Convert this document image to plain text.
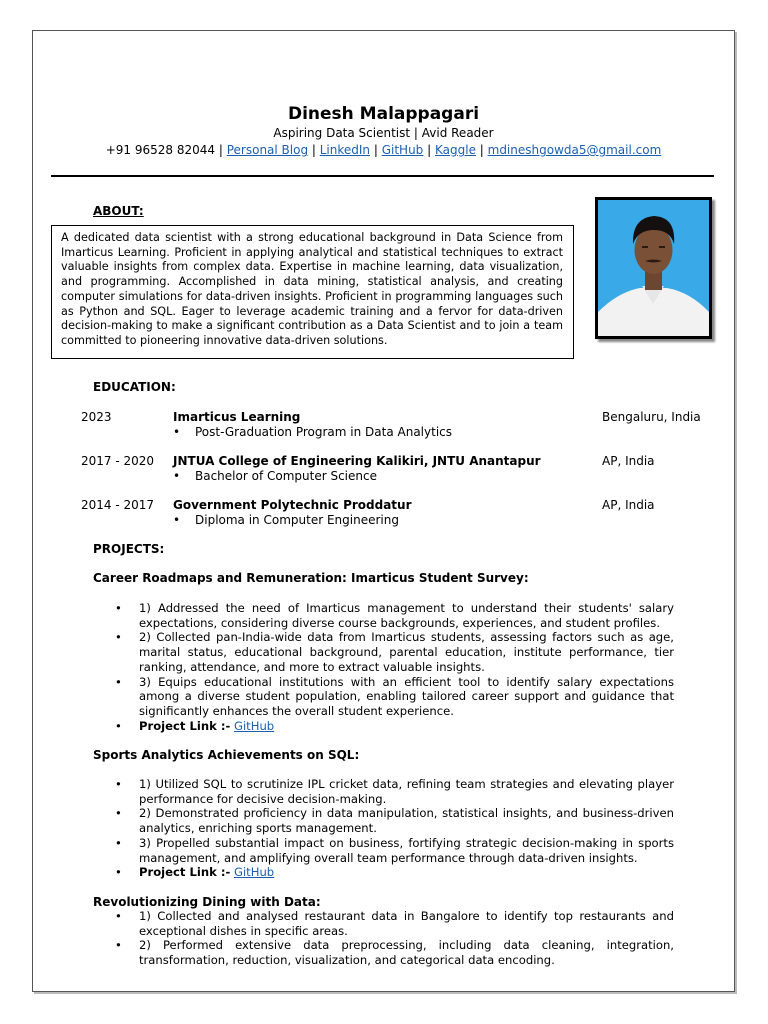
Dinesh Malappagari
Aspiring Data Scientist | Avid Reader
+91 96528 82044 | Personal Blog | LinkedIn | GitHub | Kaggle | mdineshgowda5@gmail.com
ABOUT:
A dedicated data scientist with a strong educational background in Data Science from Imarticus Learning. Proficient in applying analytical and statistical techniques to extract valuable insights from complex data. Expertise in machine learning, data visualization, and programming. Accomplished in data mining, statistical analysis, and creating computer simulations for data-driven insights. Proficient in programming languages such as Python and SQL. Eager to leverage academic training and a fervor for data-driven decision-making to make a significant contribution as a Data Scientist and to join a team committed to pioneering innovative data-driven solutions.
EDUCATION:
2023	Imarticus Learning	Bengaluru, India
• Post-Graduation Program in Data Analytics
2017 - 2020 JNTUA College of Engineering Kalikiri, JNTU Anantapur	AP, India
• Bachelor of Computer Science
2014 - 2017 Government Polytechnic Proddatur	AP, India
• Diploma in Computer Engineering
PROJECTS:
Career Roadmaps and Remuneration: Imarticus Student Survey:
• 1) Addressed the need of Imarticus management to understand their students' salary expectations, considering diverse course backgrounds, experiences, and student profiles.
• 2) Collected pan-India-wide data from Imarticus students, assessing factors such as age, marital status, educational background, parental education, institute performance, tier ranking, attendance, and more to extract valuable insights.
• 3) Equips educational institutions with an efficient tool to identify salary expectations among a diverse student population, enabling tailored career support and guidance that significantly enhances the overall student experience.
• Project Link :- GitHub
Sports Analytics Achievements on SQL:
• 1) Utilized SQL to scrutinize IPL cricket data, refining team strategies and elevating player performance for decisive decision-making.
• 2) Demonstrated proficiency in data manipulation, statistical insights, and business-driven analytics, enriching sports management.
• 3) Propelled substantial impact on business, fortifying strategic decision-making in sports management, and amplifying overall team performance through data-driven insights.
• Project Link :- GitHub
Revolutionizing Dining with Data:
• 1) Collected and analysed restaurant data in Bangalore to identify top restaurants and exceptional dishes in specific areas.
• 2) Performed extensive data preprocessing, including data cleaning, integration, transformation, reduction, visualization, and categorical data encoding.
